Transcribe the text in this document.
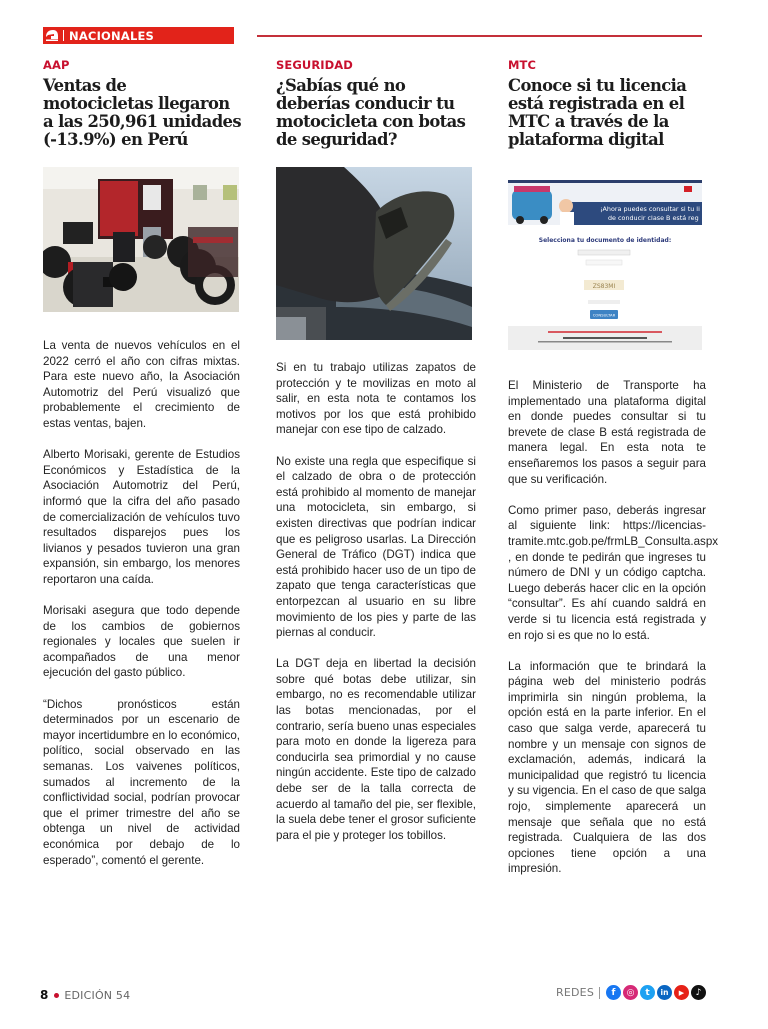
NACIONALES
AAP
Ventas de motocicletas llegaron a las 250,961 unidades (-13.9%) en Perú
SEGURIDAD
¿Sabías qué no deberías conducir tu motocicleta con botas de seguridad?
MTC
Conoce si tu licencia está registrada en el MTC a través de la plataforma digital
¡Ahora puedes consultar si tu li
de conducir clase B está reg
Selecciona tu documento de identidad:
ZS83MI
CONSULTAR

La venta de nuevos vehículos en el 2022 cerró el año con cifras mixtas. Para este nuevo año, la Asociación Automotriz del Perú visualizó que probablemente el crecimiento de estas ventas, bajen.

Alberto Morisaki, gerente de Estudios Económicos y Estadística de la Asociación Automotriz del Perú, informó que la cifra del año pasado de comercialización de vehículos tuvo resultados disparejos pues los livianos y pesados tuvieron una gran expansión, sin embargo, los menores reportaron una caída.

Morisaki asegura que todo depende de los cambios de gobiernos regionales y locales que suelen ir acompañados de una menor ejecución del gasto público.

“Dichos pronósticos están determinados por un escenario de mayor incertidumbre en lo económico, político, social observado en las semanas. Los vaivenes políticos, sumados al incremento de la conflictividad social, podrían provocar que el primer trimestre del año se obtenga un nivel de actividad económica por debajo de lo esperado”, comentó el gerente.

Si en tu trabajo utilizas zapatos de protección y te movilizas en moto al salir, en esta nota te contamos los motivos por los que está prohibido manejar con ese tipo de calzado.

No existe una regla que especifique si el calzado de obra o de protección está prohibido al momento de manejar una motocicleta, sin embargo, si existen directivas que podrían indicar que es peligroso usarlas. La Dirección General de Tráfico (DGT) indica que está prohibido hacer uso de un tipo de zapato que tenga características que entorpezcan al usuario en su libre movimiento de los pies y parte de las piernas al conducir.

La DGT deja en libertad la decisión sobre qué botas debe utilizar, sin embargo, no es recomendable utilizar las botas mencionadas, por el contrario, sería bueno unas especiales para moto en donde la ligereza para conducirla sea primordial y no cause ningún accidente. Este tipo de calzado debe ser de la talla correcta de acuerdo al tamaño del pie, ser flexible, la suela debe tener el grosor suficiente para el pie y proteger los tobillos.

El Ministerio de Transporte ha implementado una plataforma digital en donde puedes consultar si tu brevete de clase B está registrada de manera legal. En esta nota te enseñaremos los pasos a seguir para que su verificación.

Como primer paso, deberás ingresar al siguiente link: https://licencias-tramite.mtc.gob.pe/frmLB_Consulta.aspx , en donde te pedirán que ingreses tu número de DNI y un código captcha. Luego deberás hacer clic en la opción “consultar”. Es ahí cuando saldrá en verde si tu licencia está registrada y en rojo si es que no lo está.

La información que te brindará la página web del ministerio podrás imprimirla sin ningún problema, la opción está en la parte inferior. En el caso que salga verde, aparecerá tu nombre y un mensaje con signos de exclamación, además, indicará la municipalidad que registró tu licencia y su vigencia. En el caso de que salga rojo, simplemente aparecerá un mensaje que señala que no está registrada. Cualquiera de las dos opciones tiene opción a una impresión.

8 EDICIÓN 54	REDES	f	◎	t	in	▶	♪
